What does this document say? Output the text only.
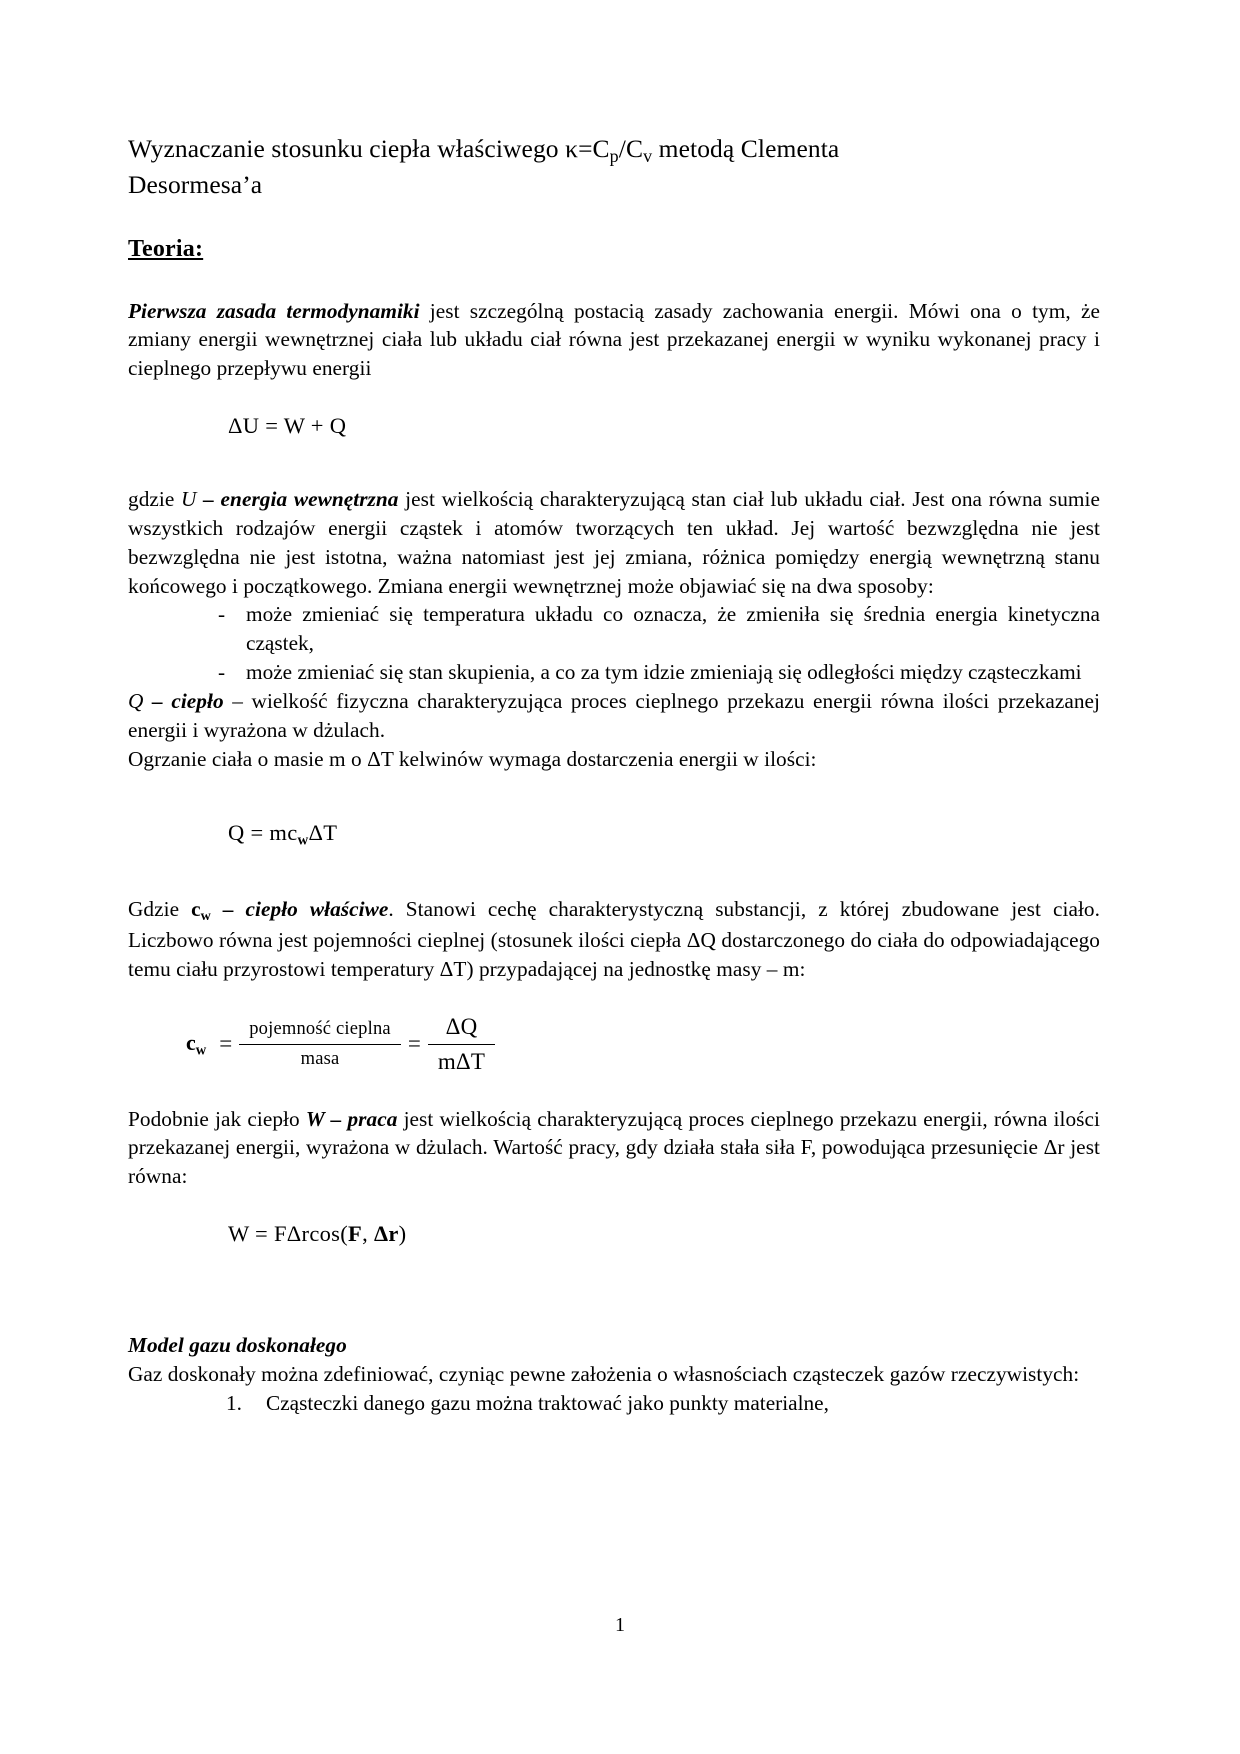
Wyznaczanie stosunku ciepła właściwego $\kappa=C_p/C_v$ metodą Clementa
Desormesa’a
Teoria:

Pierwsza zasada termodynamiki jest szczególną postacią zasady zachowania energii. Mówi ona o tym, że zmiany energii wewnętrznej ciała lub układu ciał równa jest przekazanej energii w wyniku wykonanej pracy i cieplnego przepływu energii

ΔU = W + Q

gdzie U – energia wewnętrzna jest wielkością charakteryzującą stan ciał lub układu ciał. Jest ona równa sumie wszystkich rodzajów energii cząstek i atomów tworzących ten układ. Jej wartość bezwzględna nie jest bezwzględna nie jest istotna, ważna natomiast jest jej zmiana, różnica pomiędzy energią wewnętrzną stanu końcowego i początkowego. Zmiana energii wewnętrznej może objawiać się na dwa sposoby:

- może zmieniać się temperatura układu co oznacza, że zmieniła się średnia energia kinetyczna cząstek,
- może zmieniać się stan skupienia, a co za tym idzie zmieniają się odległości między cząsteczkami

Q – ciepło – wielkość fizyczna charakteryzująca proces cieplnego przekazu energii równa ilości przekazanej energii i wyrażona w dżulach.

Ogrzanie ciała o masie m o ΔT kelwinów wymaga dostarczenia energii w ilości:

$Q = mc_w\Delta T$

Gdzie $c_w$ – ciepło właściwe. Stanowi cechę charakterystyczną substancji, z której zbudowane jest ciało. Liczbowo równa jest pojemności cieplnej (stosunek ilości ciepła ΔQ dostarczonego do ciała do odpowiadającego temu ciału przyrostowi temperatury ΔT) przypadającej na jednostkę masy – m:

$c_w = \frac{\text{pojemność cieplna}}{\text{masa}} = \frac{\Delta Q}{\text{mΔT}}$

Podobnie jak ciepło W – praca jest wielkością charakteryzującą proces cieplnego przekazu energii, równa ilości przekazanej energii, wyrażona w dżulach. Wartość pracy, gdy działa stała siła F, powodująca przesunięcie Δr jest równa:

W = FΔrcos(F, Δr)

Model gazu doskonałego

Gaz doskonały można zdefiniować, czyniąc pewne założenia o własnościach cząsteczek gazów rzeczywistych:

1. Cząsteczki danego gazu można traktować jako punkty materialne,
1
